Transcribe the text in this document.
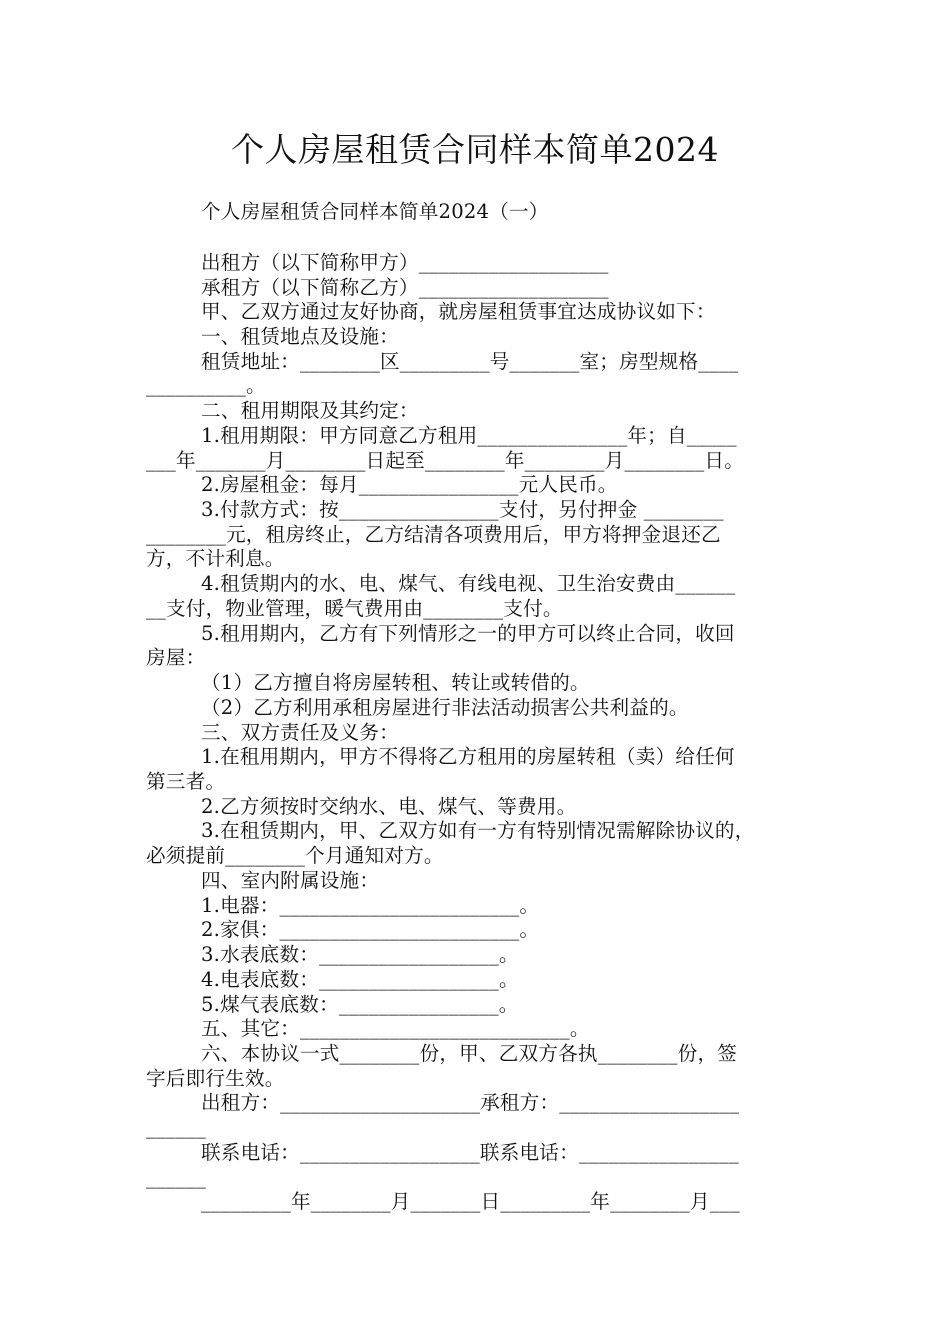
个人房屋租赁合同样本简单2024
个人房屋租赁合同样本简单2024（一）
出租方（以下简称甲方）___________________
承租方（以下简称乙方）___________________
甲、乙双方通过友好协商，就房屋租赁事宜达成协议如下：
一、租赁地点及设施：
租赁地址：________区_________号_______室；房型规格____
__________。
二、租用期限及其约定：
1.租用期限：甲方同意乙方租用_______________年；自_____
___年_______月________日起至________年________月________日。
2.房屋租金：每月________________元人民币。
3.付款方式：按________________支付，另付押金 ________
________元，租房终止，乙方结清各项费用后，甲方将押金退还乙
方，不计利息。
4.租赁期内的水、电、煤气、有线电视、卫生治安费由______
__支付，物业管理，暖气费用由________支付。
5.租用期内，乙方有下列情形之一的甲方可以终止合同，收回
房屋：
（1）乙方擅自将房屋转租、转让或转借的。
（2）乙方利用承租房屋进行非法活动损害公共利益的。
三、双方责任及义务：
1.在租用期内，甲方不得将乙方租用的房屋转租（卖）给任何
第三者。
2.乙方须按时交纳水、电、煤气、等费用。
3.在租赁期内，甲、乙双方如有一方有特别情况需解除协议的，
必须提前________个月通知对方。
四、室内附属设施：
1.电器：________________________。
2.家俱：________________________。
3.水表底数：__________________。
4.电表底数：__________________。
5.煤气表底数：________________。
五、其它：___________________________。
六、本协议一式________份，甲、乙双方各执________份，签
字后即行生效。
出租方：____________________承租方：__________________
______
联系电话：__________________联系电话：________________
______
_________年________月_______日_________年________月___
